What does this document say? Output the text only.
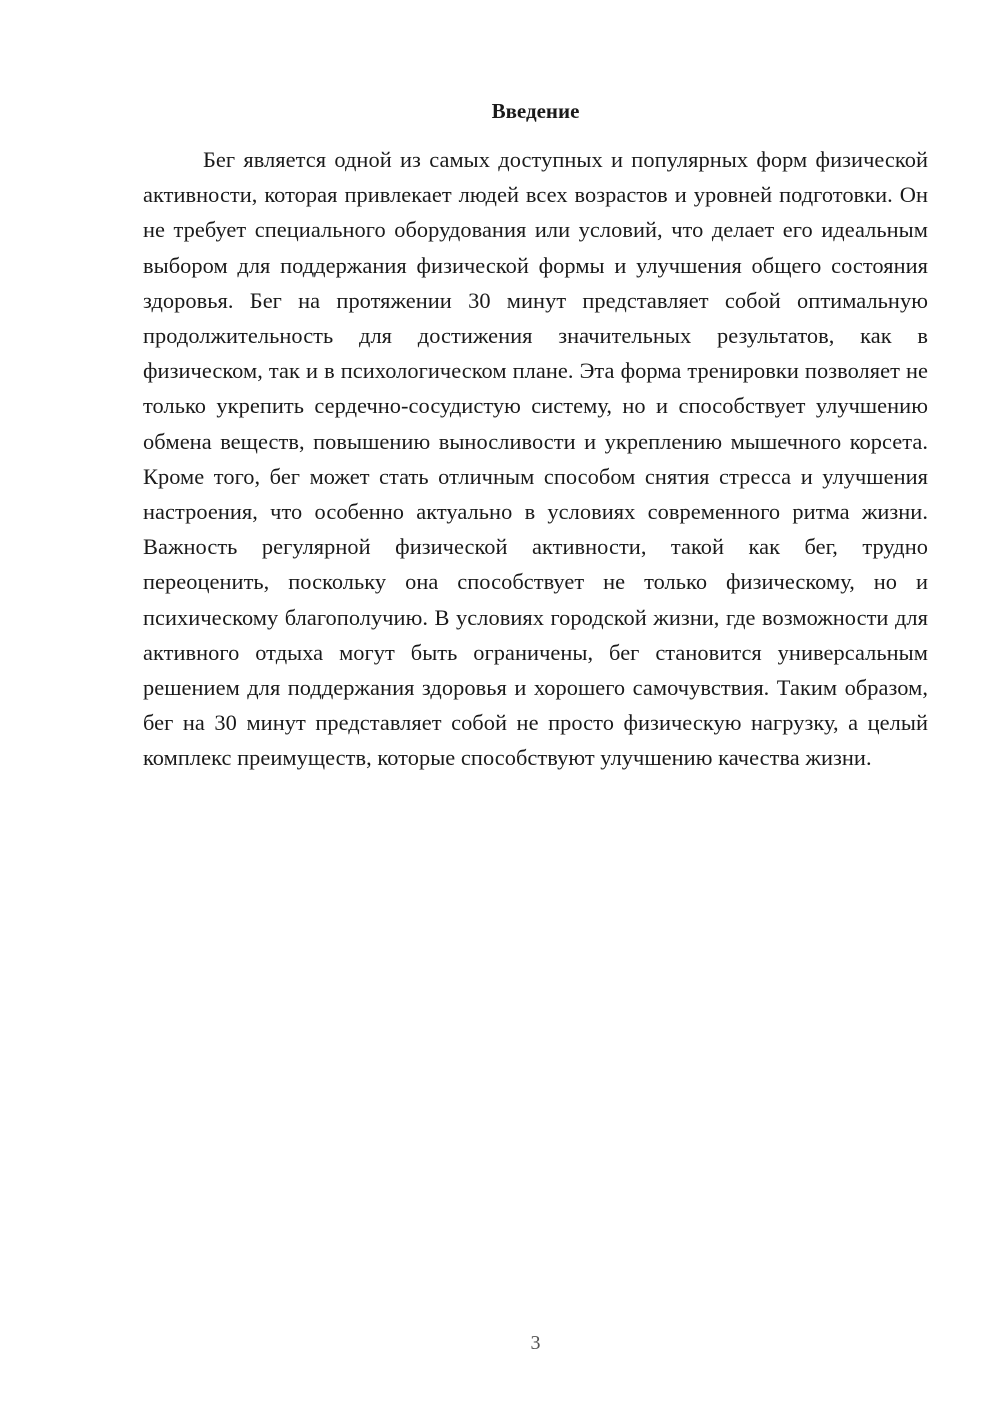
Введение

Бег является одной из самых доступных и популярных форм физической активности, которая привлекает людей всех возрастов и уровней подготовки. Он не требует специального оборудования или условий, что делает его идеальным выбором для поддержания физической формы и улучшения общего состояния здоровья. Бег на протяжении 30 минут представляет собой оптимальную продолжительность для достижения значительных результатов, как в физическом, так и в психологическом плане. Эта форма тренировки позволяет не только укрепить сердечно-сосудистую систему, но и способствует улучшению обмена веществ, повышению выносливости и укреплению мышечного корсета. Кроме того, бег может стать отличным способом снятия стресса и улучшения настроения, что особенно актуально в условиях современного ритма жизни. Важность регулярной физической активности, такой как бег, трудно переоценить, поскольку она способствует не только физическому, но и психическому благополучию. В условиях городской жизни, где возможности для активного отдыха могут быть ограничены, бег становится универсальным решением для поддержания здоровья и хорошего самочувствия. Таким образом, бег на 30 минут представляет собой не просто физическую нагрузку, а целый комплекс преимуществ, которые способствуют улучшению качества жизни.

3
